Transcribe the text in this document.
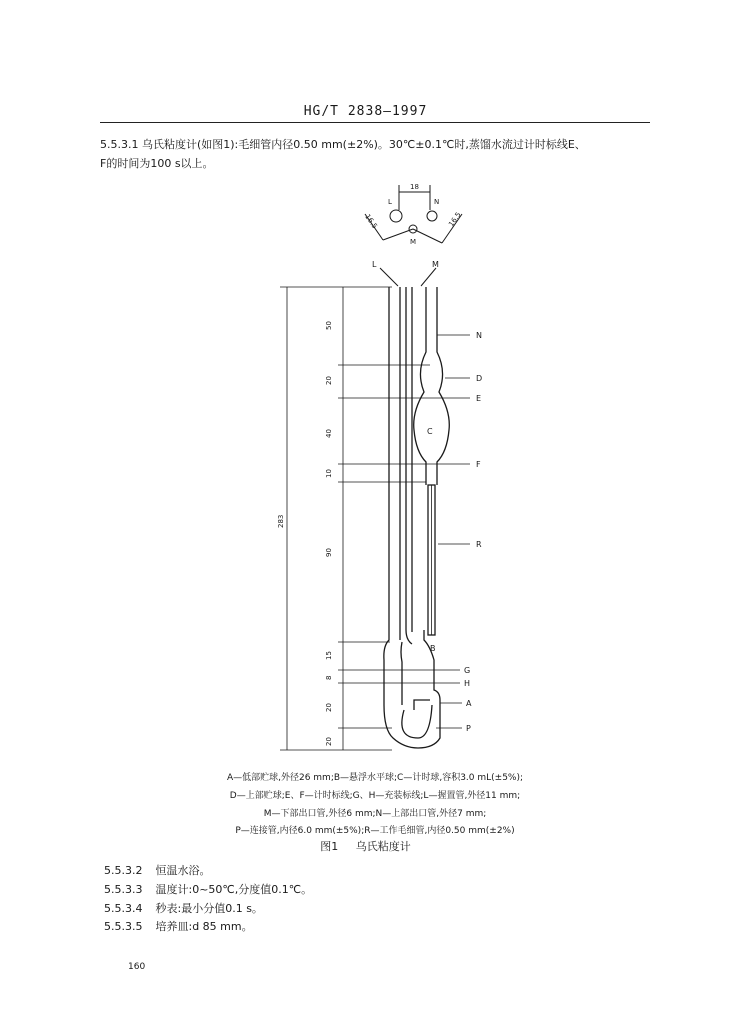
HG/T 2838—1997
5.5.3.1 乌氏粘度计(如图1):毛细管内径0.50 mm(±2%)。30℃±0.1℃时,蒸馏水流过计时标线E、
F的时间为100 s以上。
18
16.5	16.5
L	N
M
L	M
283
50
20
40
10
90
15
8
20
20
N
D
E
C
F
R
B
G
H
A
P
A—低部贮球,外径26 mm;B—悬浮水平球;C—计时球,容积3.0 mL(±5%);
D—上部贮球;E、F—计时标线;G、H—充装标线;L—握置管,外径11 mm;
M—下部出口管,外径6 mm;N—上部出口管,外径7 mm;
P—连接管,内径6.0 mm(±5%);R—工作毛细管,内径0.50 mm(±2%)
图1 乌氏粘度计
5.5.3.2 恒温水浴。
5.5.3.3 温度计:0~50℃,分度值0.1℃。
5.5.3.4 秒表:最小分值0.1 s。
5.5.3.5 培养皿:d 85 mm。
160
